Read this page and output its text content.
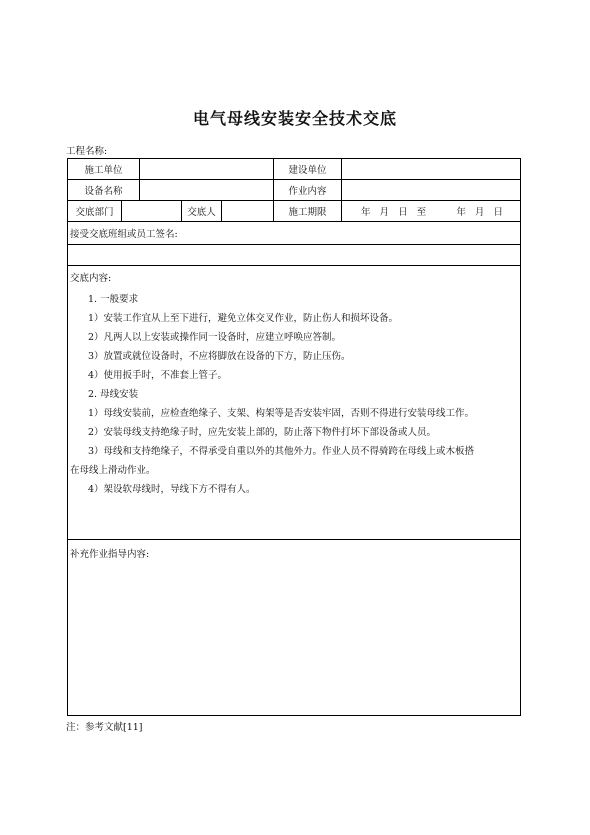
电气母线安装安全技术交底
工程名称:
施工单位	建设单位
设备名称	作业内容
交底部门	交底人	施工期限	年   月   日   至          年   月   日
接受交底班组或员工签名:

交底内容:

1. 一般要求

1）安装工作宜从上至下进行，避免立体交叉作业，防止伤人和损坏设备。

2）凡两人以上安装或操作同一设备时，应建立呼唤应答制。

3）放置或就位设备时，不应将脚放在设备的下方，防止压伤。

4）使用扳手时，不准套上管子。

2. 母线安装

1）母线安装前，应检查绝缘子、支架、构架等是否安装牢固，否则不得进行安装母线工作。

2）安装母线支持绝缘子时，应先安装上部的，防止落下物件打坏下部设备或人员。

3）母线和支持绝缘子，不得承受自重以外的其他外力。作业人员不得骑跨在母线上或木板搭

在母线上滑动作业。

4）架设软母线时，导线下方不得有人。

补充作业指导内容:

注：参考文献[11]
